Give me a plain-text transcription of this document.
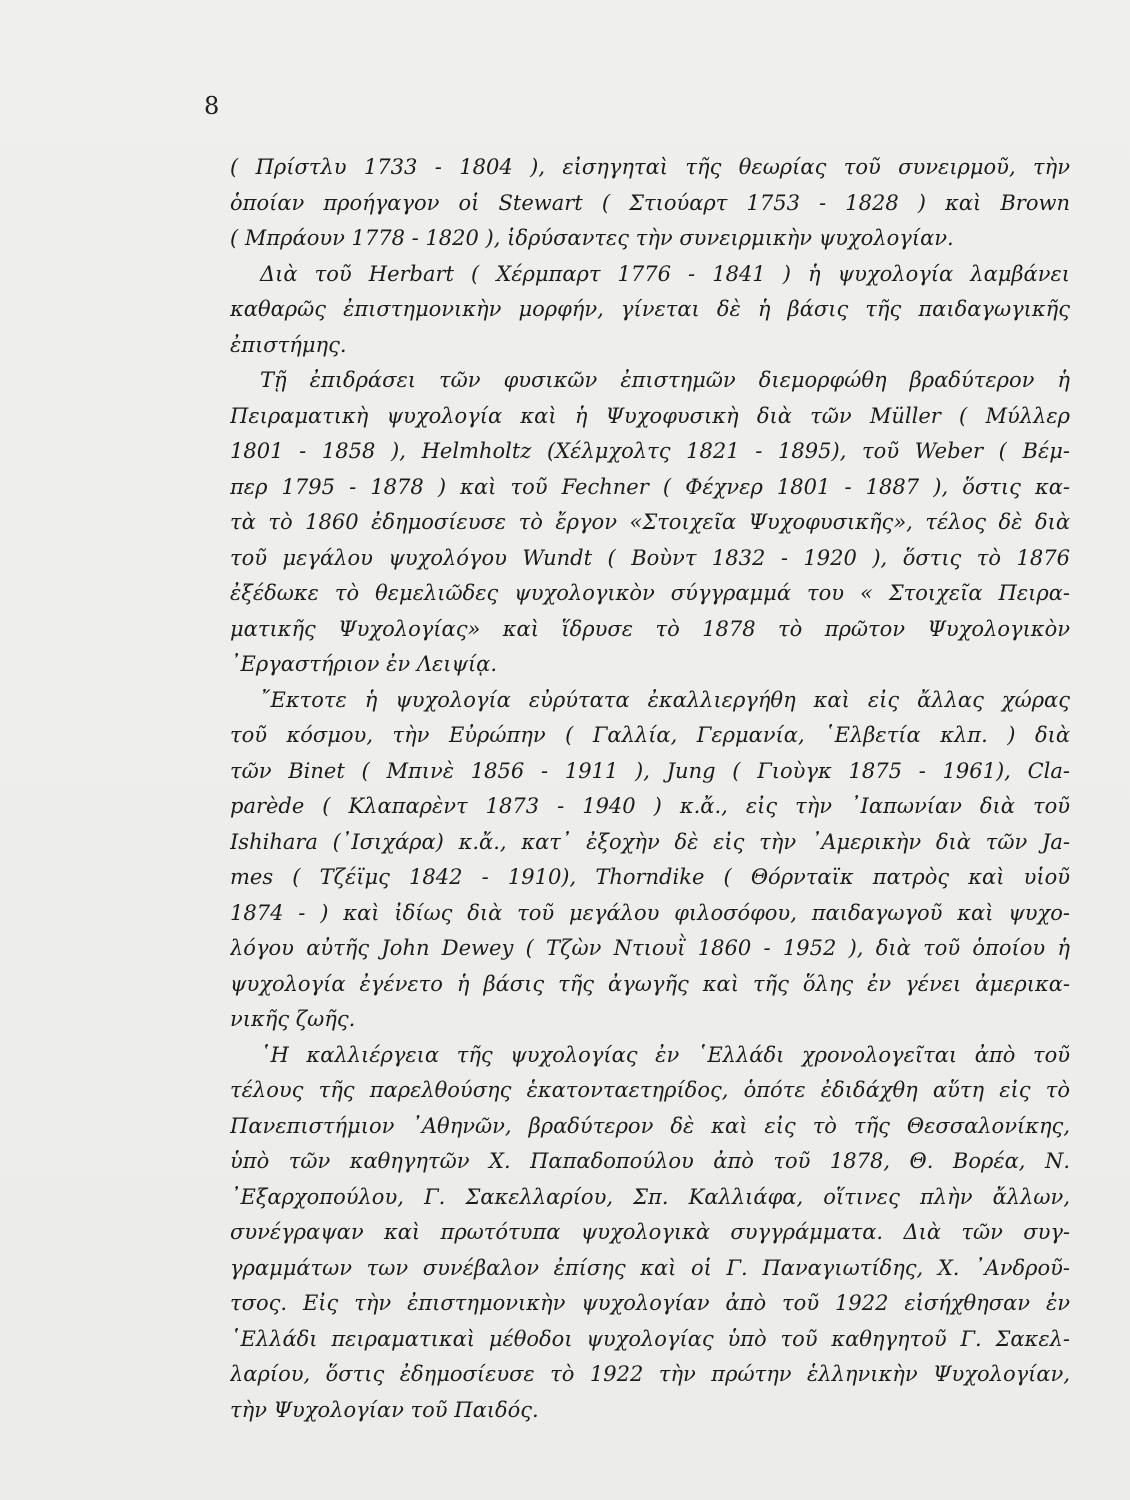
8
( Πρίστλυ 1733 - 1804 ), εἰσηγηταὶ τῆς θεωρίας τοῦ συνειρμοῦ, τὴν
ὁποίαν προήγαγον οἱ Stewart ( Στιούαρτ 1753 - 1828 ) καὶ Brown
( Μπράουν 1778 - 1820 ), ἱδρύσαντες τὴν συνειρμικὴν ψυχολογίαν.
Διὰ τοῦ Herbart ( Χέρμπαρτ 1776 - 1841 ) ἡ ψυχολογία λαμβάνει
καθαρῶς ἐπιστημονικὴν μορφήν, γίνεται δὲ ἡ βάσις τῆς παιδαγωγικῆς
ἐπιστήμης.
Τῇ ἐπιδράσει τῶν φυσικῶν ἐπιστημῶν διεμορφώθη βραδύτερον ἡ
Πειραματικὴ ψυχολογία καὶ ἡ Ψυχοφυσικὴ διὰ τῶν Müller ( Μύλλερ
1801 - 1858 ), Helmholtz (Χέλμχολτς 1821 - 1895), τοῦ Weber ( Βέμ-
περ 1795 - 1878 ) καὶ τοῦ Fechner ( Φέχνερ 1801 - 1887 ), ὅστις κα-
τὰ τὸ 1860 ἐδημοσίευσε τὸ ἔργον «Στοιχεῖα Ψυχοφυσικῆς», τέλος δὲ διὰ
τοῦ μεγάλου ψυχολόγου Wundt ( Βοὺντ 1832 - 1920 ), ὅστις τὸ 1876
ἐξέδωκε τὸ θεμελιῶδες ψυχολογικὸν σύγγραμμά του « Στοιχεῖα Πειρα-
ματικῆς Ψυχολογίας» καὶ ἵδρυσε τὸ 1878 τὸ πρῶτον Ψυχολογικὸν
᾿Εργαστήριον ἐν Λειψίᾳ.
῎Εκτοτε ἡ ψυχολογία εὐρύτατα ἐκαλλιεργήθη καὶ εἰς ἄλλας χώρας
τοῦ κόσμου, τὴν Εὐρώπην ( Γαλλία, Γερμανία, ῾Ελβετία κλπ. ) διὰ
τῶν Binet ( Μπινὲ 1856 - 1911 ), Jung ( Γιοὺγκ 1875 - 1961), Cla-
parède ( Κλαπαρὲντ 1873 - 1940 ) κ.ἄ., εἰς τὴν ᾿Ιαπωνίαν διὰ τοῦ
Ishihara (᾿Ισιχάρα) κ.ἄ., κατ᾿ ἐξοχὴν δὲ εἰς τὴν ᾿Αμερικὴν διὰ τῶν Ja-
mes ( Τζέϊμς 1842 - 1910), Thorndike ( Θόρνταϊκ πατρὸς καὶ υἱοῦ
1874 - ) καὶ ἰδίως διὰ τοῦ μεγάλου φιλοσόφου, παιδαγωγοῦ καὶ ψυχο-
λόγου αὐτῆς John Dewey ( Τζὼν Ντιουῒ 1860 - 1952 ), διὰ τοῦ ὁποίου ἡ
ψυχολογία ἐγένετο ἡ βάσις τῆς ἀγωγῆς καὶ τῆς ὅλης ἐν γένει ἀμερικα-
νικῆς ζωῆς.
῾Η καλλιέργεια τῆς ψυχολογίας ἐν ῾Ελλάδι χρονολογεῖται ἀπὸ τοῦ
τέλους τῆς παρελθούσης ἑκατονταετηρίδος, ὁπότε ἐδιδάχθη αὕτη εἰς τὸ
Πανεπιστήμιον ᾿Αθηνῶν, βραδύτερον δὲ καὶ εἰς τὸ τῆς Θεσσαλονίκης,
ὑπὸ τῶν καθηγητῶν Χ. Παπαδοπούλου ἀπὸ τοῦ 1878, Θ. Βορέα, Ν.
᾿Εξαρχοπούλου, Γ. Σακελλαρίου, Σπ. Καλλιάφα, οἵτινες πλὴν ἄλλων,
συνέγραψαν καὶ πρωτότυπα ψυχολογικὰ συγγράμματα. Διὰ τῶν συγ-
γραμμάτων των συνέβαλον ἐπίσης καὶ οἱ Γ. Παναγιωτίδης, Χ. ᾿Ανδροῦ-
τσος. Εἰς τὴν ἐπιστημονικὴν ψυχολογίαν ἀπὸ τοῦ 1922 εἰσήχθησαν ἐν
῾Ελλάδι πειραματικαὶ μέθοδοι ψυχολογίας ὑπὸ τοῦ καθηγητοῦ Γ. Σακελ-
λαρίου, ὅστις ἐδημοσίευσε τὸ 1922 τὴν πρώτην ἑλληνικὴν Ψυχολογίαν,
τὴν Ψυχολογίαν τοῦ Παιδός.
